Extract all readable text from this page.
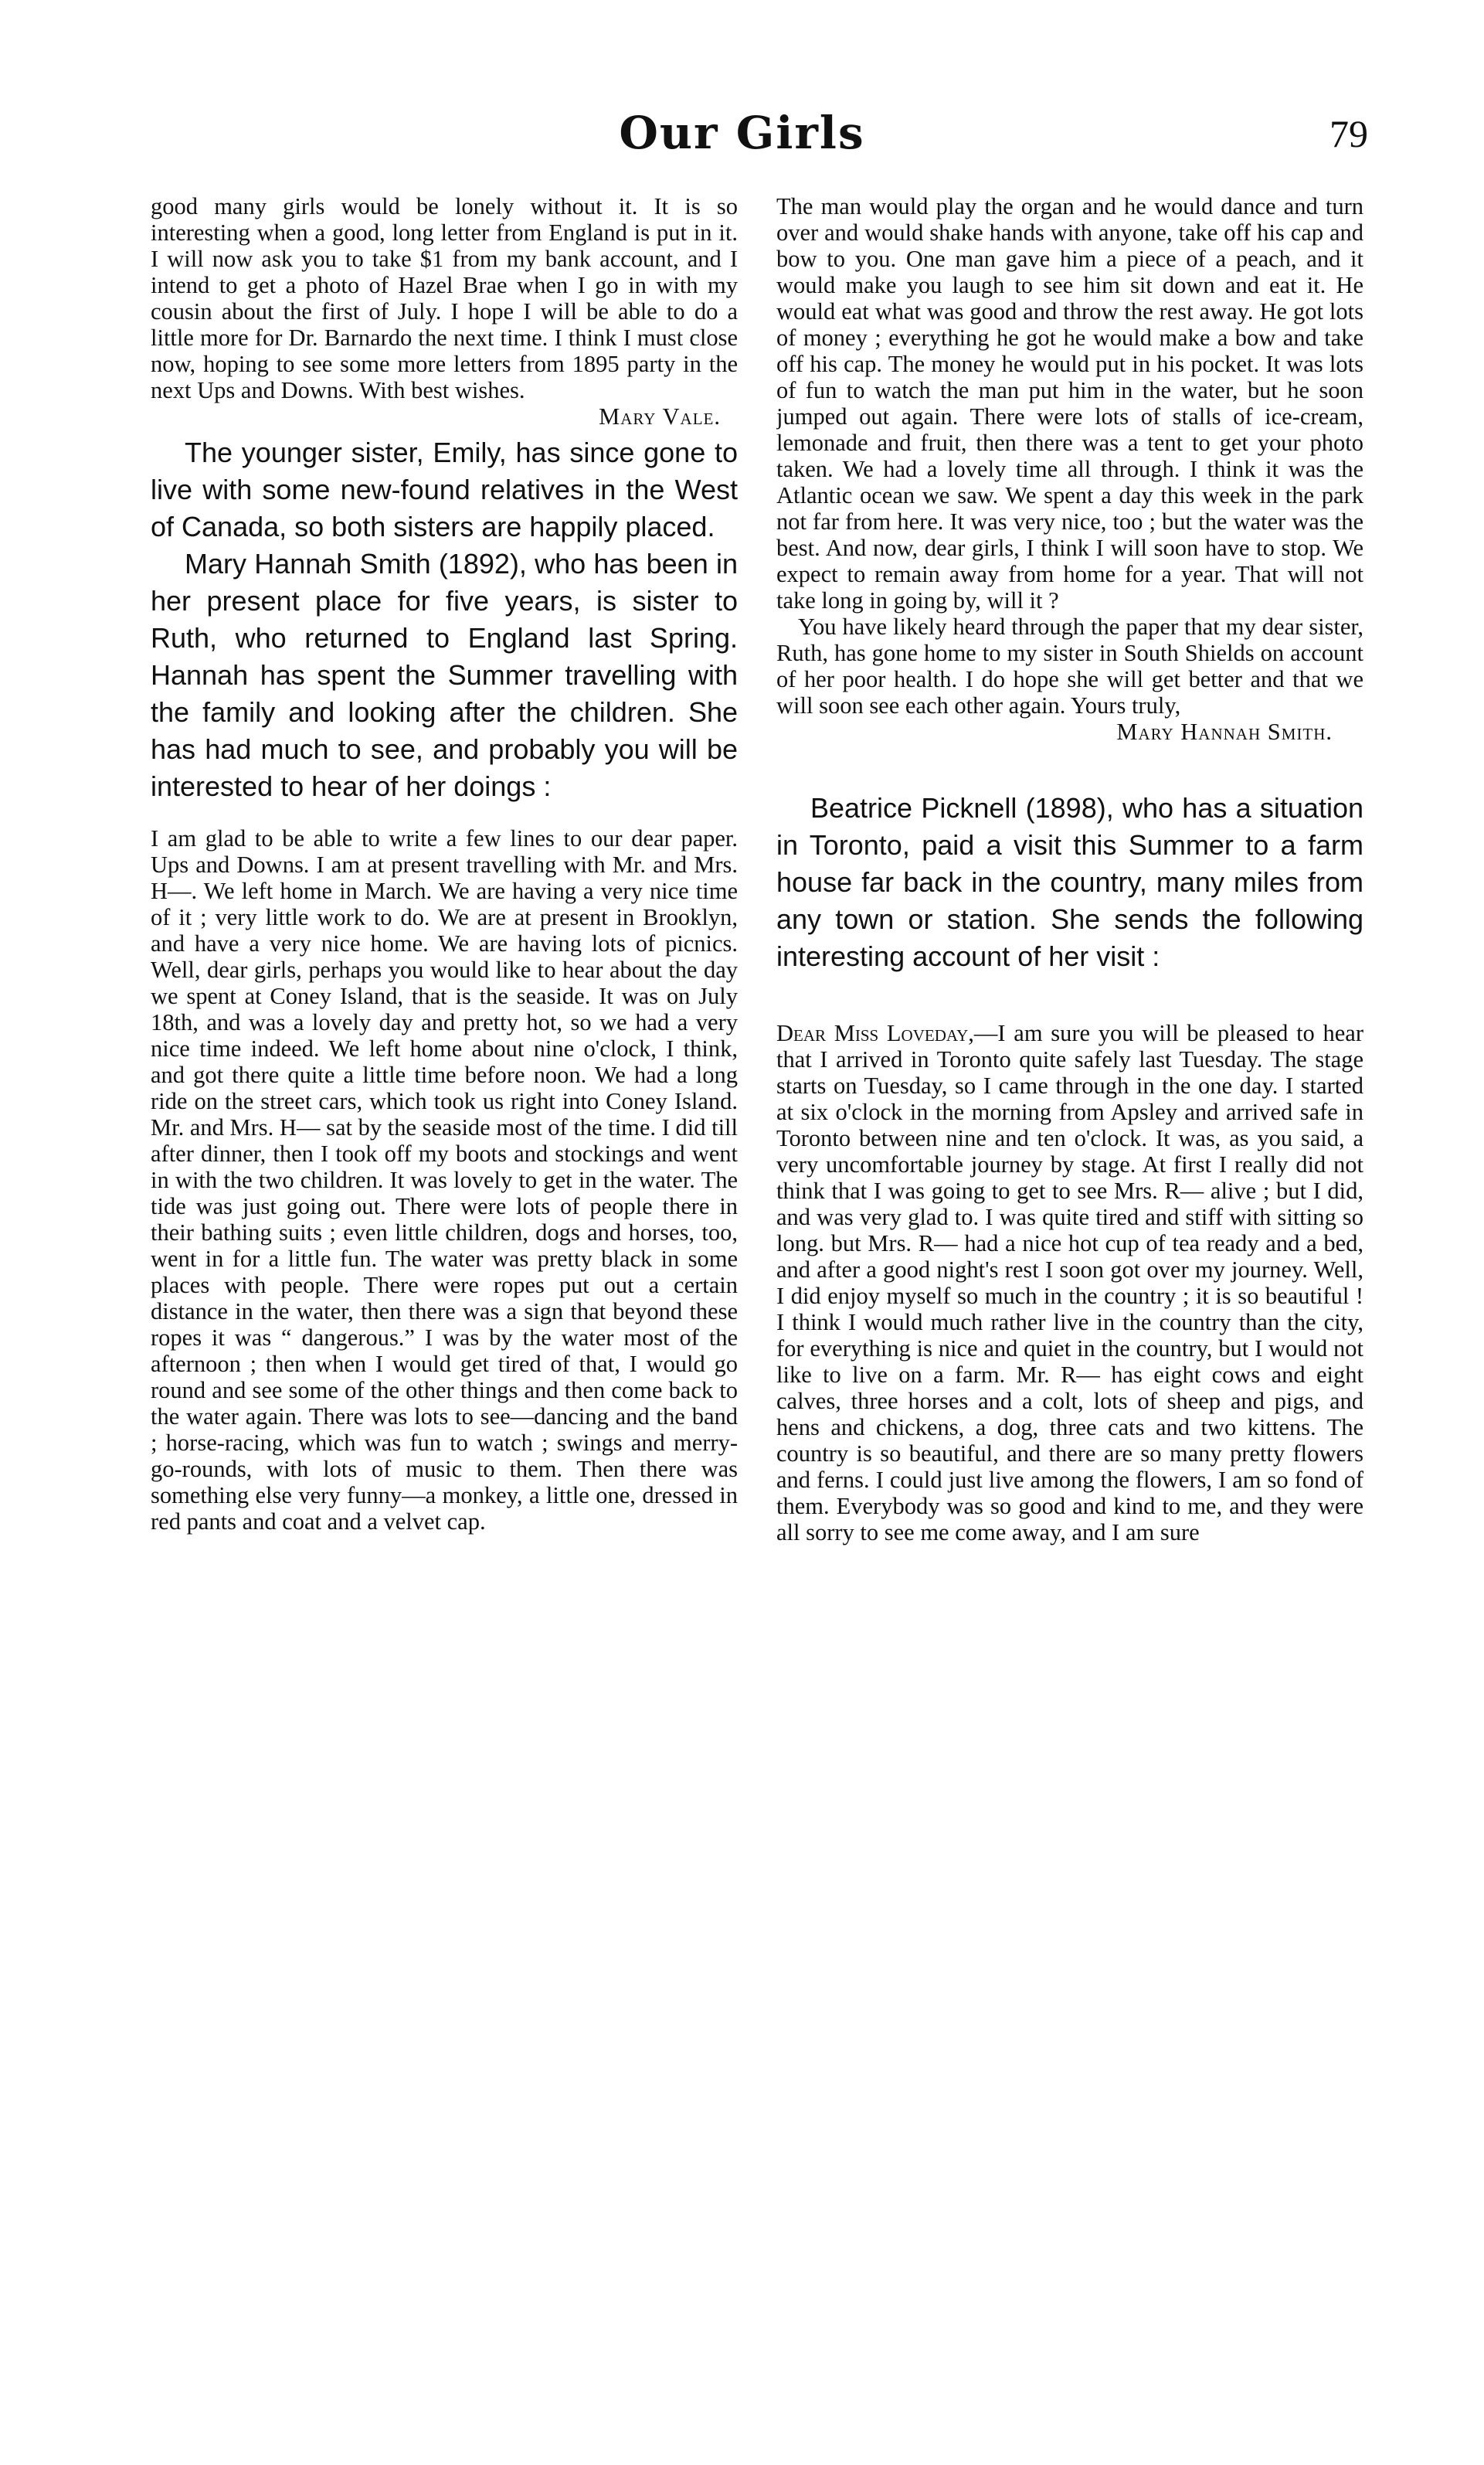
Our Girls	79

good many girls would be lonely without it. It is so interesting when a good, long letter from England is put in it. I will now ask you to take $1 from my bank account, and I intend to get a photo of Hazel Brae when I go in with my cousin about the first of July. I hope I will be able to do a little more for Dr. Barnardo the next time. I think I must close now, hoping to see some more letters from 1895 party in the next Ups and Downs. With best wishes.

Mary Vale.

The younger sister, Emily, has since gone to live with some new-found relatives in the West of Canada, so both sisters are happily placed.

Mary Hannah Smith (1892), who has been in her present place for five years, is sister to Ruth, who returned to England last Spring. Hannah has spent the Summer travelling with the family and looking after the children. She has had much to see, and probably you will be interested to hear of her doings :

I am glad to be able to write a few lines to our dear paper. Ups and Downs. I am at present travelling with Mr. and Mrs. H—. We left home in March. We are having a very nice time of it ; very little work to do. We are at present in Brooklyn, and have a very nice home. We are having lots of picnics. Well, dear girls, perhaps you would like to hear about the day we spent at Coney Island, that is the seaside. It was on July 18th, and was a lovely day and pretty hot, so we had a very nice time indeed. We left home about nine o'clock, I think, and got there quite a little time before noon. We had a long ride on the street cars, which took us right into Coney Island. Mr. and Mrs. H— sat by the seaside most of the time. I did till after dinner, then I took off my boots and stockings and went in with the two children. It was lovely to get in the water. The tide was just going out. There were lots of people there in their bathing suits ; even little children, dogs and horses, too, went in for a little fun. The water was pretty black in some places with people. There were ropes put out a certain distance in the water, then there was a sign that beyond these ropes it was “ dangerous.” I was by the water most of the afternoon ; then when I would get tired of that, I would go round and see some of the other things and then come back to the water again. There was lots to see—dancing and the band ; horse-racing, which was fun to watch ; swings and merry-go-rounds, with lots of music to them. Then there was something else very funny—a monkey, a little one, dressed in red pants and coat and a velvet cap.

The man would play the organ and he would dance and turn over and would shake hands with anyone, take off his cap and bow to you. One man gave him a piece of a peach, and it would make you laugh to see him sit down and eat it. He would eat what was good and throw the rest away. He got lots of money ; everything he got he would make a bow and take off his cap. The money he would put in his pocket. It was lots of fun to watch the man put him in the water, but he soon jumped out again. There were lots of stalls of ice-cream, lemonade and fruit, then there was a tent to get your photo taken. We had a lovely time all through. I think it was the Atlantic ocean we saw. We spent a day this week in the park not far from here. It was very nice, too ; but the water was the best. And now, dear girls, I think I will soon have to stop. We expect to remain away from home for a year. That will not take long in going by, will it ?

You have likely heard through the paper that my dear sister, Ruth, has gone home to my sister in South Shields on account of her poor health. I do hope she will get better and that we will soon see each other again. Yours truly,

Mary Hannah Smith.

Beatrice Picknell (1898), who has a situation in Toronto, paid a visit this Summer to a farm house far back in the country, many miles from any town or station. She sends the following interesting account of her visit :

Dear Miss Loveday,—I am sure you will be pleased to hear that I arrived in Toronto quite safely last Tuesday. The stage starts on Tuesday, so I came through in the one day. I started at six o'clock in the morning from Apsley and arrived safe in Toronto between nine and ten o'clock. It was, as you said, a very uncomfortable journey by stage. At first I really did not think that I was going to get to see Mrs. R— alive ; but I did, and was very glad to. I was quite tired and stiff with sitting so long. but Mrs. R— had a nice hot cup of tea ready and a bed, and after a good night's rest I soon got over my journey. Well, I did enjoy myself so much in the country ; it is so beautiful ! I think I would much rather live in the country than the city, for everything is nice and quiet in the country, but I would not like to live on a farm. Mr. R— has eight cows and eight calves, three horses and a colt, lots of sheep and pigs, and hens and chickens, a dog, three cats and two kittens. The country is so beautiful, and there are so many pretty flowers and ferns. I could just live among the flowers, I am so fond of them. Everybody was so good and kind to me, and they were all sorry to see me come away, and I am sure
